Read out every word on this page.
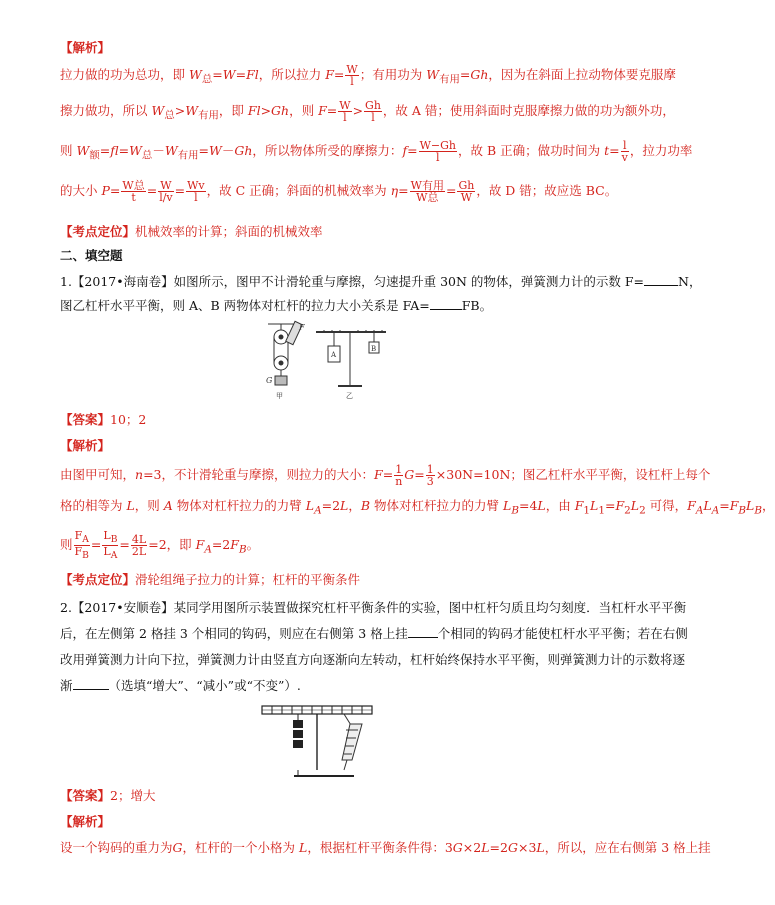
【解析】
拉力做的功为总功，即 $W_总=W=Fl$，所以拉力 $F= \frac{W}{l}$ ；有用功为 $W_{有用}=Gh$，因为在斜面上拉动物体要克服摩
擦力做功，所以 $W_总>W_{有用}$，即 Fl>Gh，则 $F= \frac{W}{l} > \frac{Gh}{l}$ ，故 A 错；使用斜面时克服摩擦力做的功为额外功，
则 $W_额=fl=W_总-W_{有用}=W-Gh$，所以物体所受的摩擦力：$f= \frac{W-Gh}{l}$ ，故 B 正确；做功时间为 $t= \frac{l}{v}$ ，拉力功率
的大小 $P= \frac{\text{W总}}{t} = \frac{W}{l/v} = \frac{Wv}{l}$ ，故 C 正确；斜面的机械效率为 $\eta= \frac{\text{W有用}}{\text{W总}} = \frac{Gh}{W}$ ，故 D 错；故应选 BC。
【考点定位】机械效率的计算；斜面的机械效率
二、填空题
1.【2017•海南卷】如图所示，图甲不计滑轮重与摩擦，匀速提升重 30N 的物体，弹簧测力计的示数 F=	N，
图乙杠杆水平平衡，则 A、B 两物体对杠杆的拉力大小关系是 FA=	FB。
F
G
甲
A
B
乙
【答案】10；2
【解析】
由图甲可知，n=3，不计滑轮重与摩擦，则拉力的大小：$F= \frac{1}{n} G= \frac{1}{3} \times 30N=10N$；图乙杠杆水平平衡，设杠杆上每个
格的相等为 L，则 A 物体对杠杆拉力的力臂 $L_A=2L$，B 物体对杠杆拉力的力臂 $L_B=4L$，由 $F_1L_1=F_2L_2$ 可得，$F_AL_A=F_BL_B$，
则 $\frac{F_A}{F_B} = \frac{L_B}{L_A} = \frac{4L}{2L} =2$，即 $F_A=2F_B$。
【考点定位】滑轮组绳子拉力的计算；杠杆的平衡条件
2.【2017•安顺卷】某同学用图所示装置做探究杠杆平衡条件的实验，图中杠杆匀质且均匀刻度．当杠杆水平平衡
后，在左侧第 2 格挂 3 个相同的钩码，则应在右侧第 3 格上挂 个相同的钩码才能使杠杆水平平衡；若在右侧
改用弹簧测力计向下拉，弹簧测力计由竖直方向逐渐向左转动，杠杆始终保持水平平衡，则弹簧测力计的示数将逐
渐	（选填“增大”、“减小”或“不变”）.
【答案】2；增大
【解析】
设一个钩码的重力为G，杠杆的一个小格为 L，根据杠杆平衡条件得：3G×2L=2G×3L，所以，应在右侧第 3 格上挂
